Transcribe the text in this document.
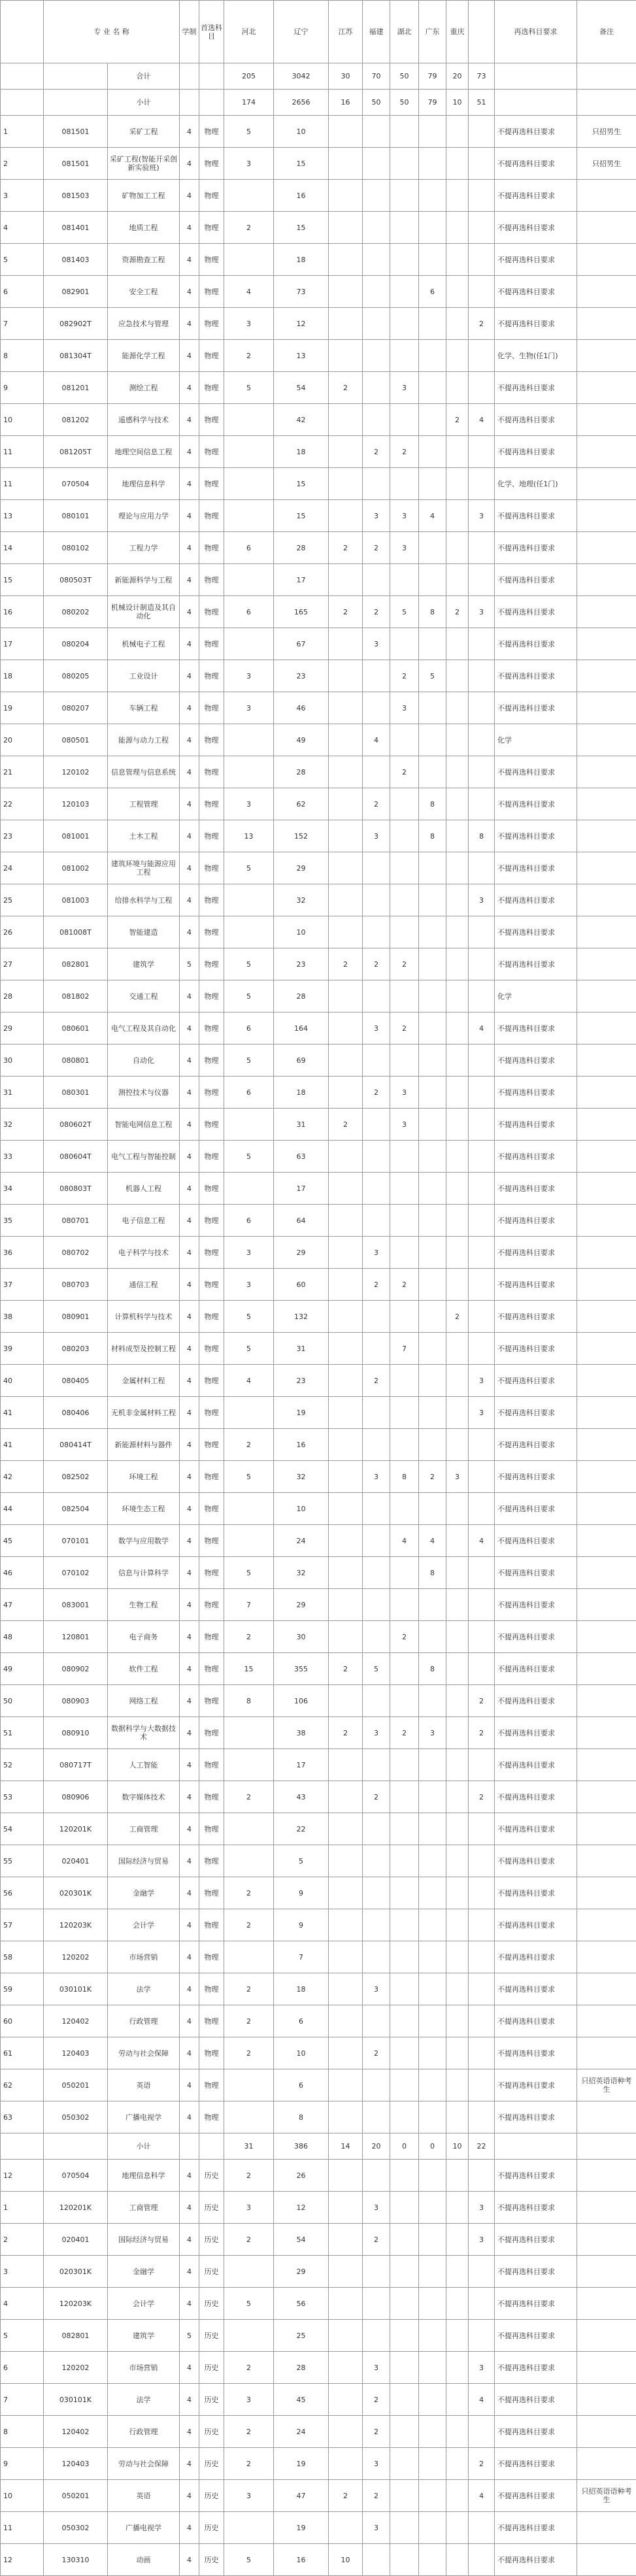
	专 业 名 称		学制	首选科目	河北	辽宁	江苏	福建	湖北	广东	重庆		再选科目要求	备注
		合计			205	3042	30	70	50	79	20	73		
		小计			174	2656	16	50	50	79	10	51		
1	081501	采矿工程	4	物理	5	10							不提再选科目要求	只招男生
2	081501	采矿工程(智能开采创新实验班)	4	物理	3	15							不提再选科目要求	只招男生
3	081503	矿物加工工程	4	物理		16							不提再选科目要求	
4	081401	地质工程	4	物理	2	15							不提再选科目要求	
5	081403	资源勘查工程	4	物理		18							不提再选科目要求	
6	082901	安全工程	4	物理	4	73				6			不提再选科目要求	
7	082902T	应急技术与管理	4	物理	3	12						2	不提再选科目要求	
8	081304T	能源化学工程	4	物理	2	13							化学、生物(任1门)	
9	081201	测绘工程	4	物理	5	54	2		3				不提再选科目要求	
10	081202	遥感科学与技术	4	物理		42					2	4	不提再选科目要求	
11	081205T	地理空间信息工程	4	物理		18		2	2				不提再选科目要求	
11	070504	地理信息科学	4	物理		15							化学、地理(任1门)	
13	080101	理论与应用力学	4	物理		15		3	3	4		3	不提再选科目要求	
14	080102	工程力学	4	物理	6	28	2	2	3				不提再选科目要求	
15	080503T	新能源科学与工程	4	物理		17							不提再选科目要求	
16	080202	机械设计制造及其自动化	4	物理	6	165	2	2	5	8	2	3	不提再选科目要求	
17	080204	机械电子工程	4	物理		67		3					不提再选科目要求	
18	080205	工业设计	4	物理	3	23			2	5			不提再选科目要求	
19	080207	车辆工程	4	物理	3	46			3				不提再选科目要求	
20	080501	能源与动力工程	4	物理		49		4					化学	
21	120102	信息管理与信息系统	4	物理		28			2				不提再选科目要求	
22	120103	工程管理	4	物理	3	62		2		8			不提再选科目要求	
23	081001	土木工程	4	物理	13	152		3		8		8	不提再选科目要求	
24	081002	建筑环境与能源应用工程	4	物理	5	29							不提再选科目要求	
25	081003	给排水科学与工程	4	物理		32						3	不提再选科目要求	
26	081008T	智能建造	4	物理		10							不提再选科目要求	
27	082801	建筑学	5	物理	5	23	2	2	2				不提再选科目要求	
28	081802	交通工程	4	物理	5	28							化学	
29	080601	电气工程及其自动化	4	物理	6	164		3	2			4	不提再选科目要求	
30	080801	自动化	4	物理	5	69							不提再选科目要求	
31	080301	测控技术与仪器	4	物理	6	18		2	3				不提再选科目要求	
32	080602T	智能电网信息工程	4	物理		31	2		3				不提再选科目要求	
33	080604T	电气工程与智能控制	4	物理	5	63							不提再选科目要求	
34	080803T	机器人工程	4	物理		17							不提再选科目要求	
35	080701	电子信息工程	4	物理	6	64							不提再选科目要求	
36	080702	电子科学与技术	4	物理	3	29		3					不提再选科目要求	
37	080703	通信工程	4	物理	3	60		2	2				不提再选科目要求	
38	080901	计算机科学与技术	4	物理	5	132					2		不提再选科目要求	
39	080203	材料成型及控制工程	4	物理	5	31			7				不提再选科目要求	
40	080405	金属材料工程	4	物理	4	23		2				3	不提再选科目要求	
41	080406	无机非金属材料工程	4	物理		19						3	不提再选科目要求	
41	080414T	新能源材料与器件	4	物理	2	16							不提再选科目要求	
42	082502	环境工程	4	物理	5	32		3	8	2	3		不提再选科目要求	
44	082504	环境生态工程	4	物理		10							不提再选科目要求	
45	070101	数学与应用数学	4	物理		24			4	4		4	不提再选科目要求	
46	070102	信息与计算科学	4	物理	5	32				8			不提再选科目要求	
47	083001	生物工程	4	物理	7	29							不提再选科目要求	
48	120801	电子商务	4	物理	2	30			2				不提再选科目要求	
49	080902	软件工程	4	物理	15	355	2	5		8			不提再选科目要求	
50	080903	网络工程	4	物理	8	106						2	不提再选科目要求	
51	080910	数据科学与大数据技术	4	物理		38	2	3	2	3		2	不提再选科目要求	
52	080717T	人工智能	4	物理		17							不提再选科目要求	
53	080906	数字媒体技术	4	物理	2	43		2				2	不提再选科目要求	
54	120201K	工商管理	4	物理		22							不提再选科目要求	
55	020401	国际经济与贸易	4	物理		5							不提再选科目要求	
56	020301K	金融学	4	物理	2	9							不提再选科目要求	
57	120203K	会计学	4	物理	2	9							不提再选科目要求	
58	120202	市场营销	4	物理		7							不提再选科目要求	
59	030101K	法学	4	物理	2	18		3					不提再选科目要求	
60	120402	行政管理	4	物理	2	6							不提再选科目要求	
61	120403	劳动与社会保障	4	物理	2	10		2					不提再选科目要求	
62	050201	英语	4	物理		6							不提再选科目要求	只招英语语种考生
63	050302	广播电视学	4	物理		8							不提再选科目要求	
		小计			31	386	14	20	0	0	10	22		
12	070504	地理信息科学	4	历史	2	26							不提再选科目要求	
1	120201K	工商管理	4	历史	3	12		3				3	不提再选科目要求	
2	020401	国际经济与贸易	4	历史	2	54		2				3	不提再选科目要求	
3	020301K	金融学	4	历史		29							不提再选科目要求	
4	120203K	会计学	4	历史	5	56							不提再选科目要求	
5	082801	建筑学	5	历史		25							不提再选科目要求	
6	120202	市场营销	4	历史	2	28		3				3	不提再选科目要求	
7	030101K	法学	4	历史	3	45		2				4	不提再选科目要求	
8	120402	行政管理	4	历史	2	24		2					不提再选科目要求	
9	120403	劳动与社会保障	4	历史	2	19		3				2	不提再选科目要求	
10	050201	英语	4	历史	3	47	2	2				4	不提再选科目要求	只招英语语种考生
11	050302	广播电视学	4	历史		19		3					不提再选科目要求	
12	130310	动画	4	历史	5	16	10						不提再选科目要求	
